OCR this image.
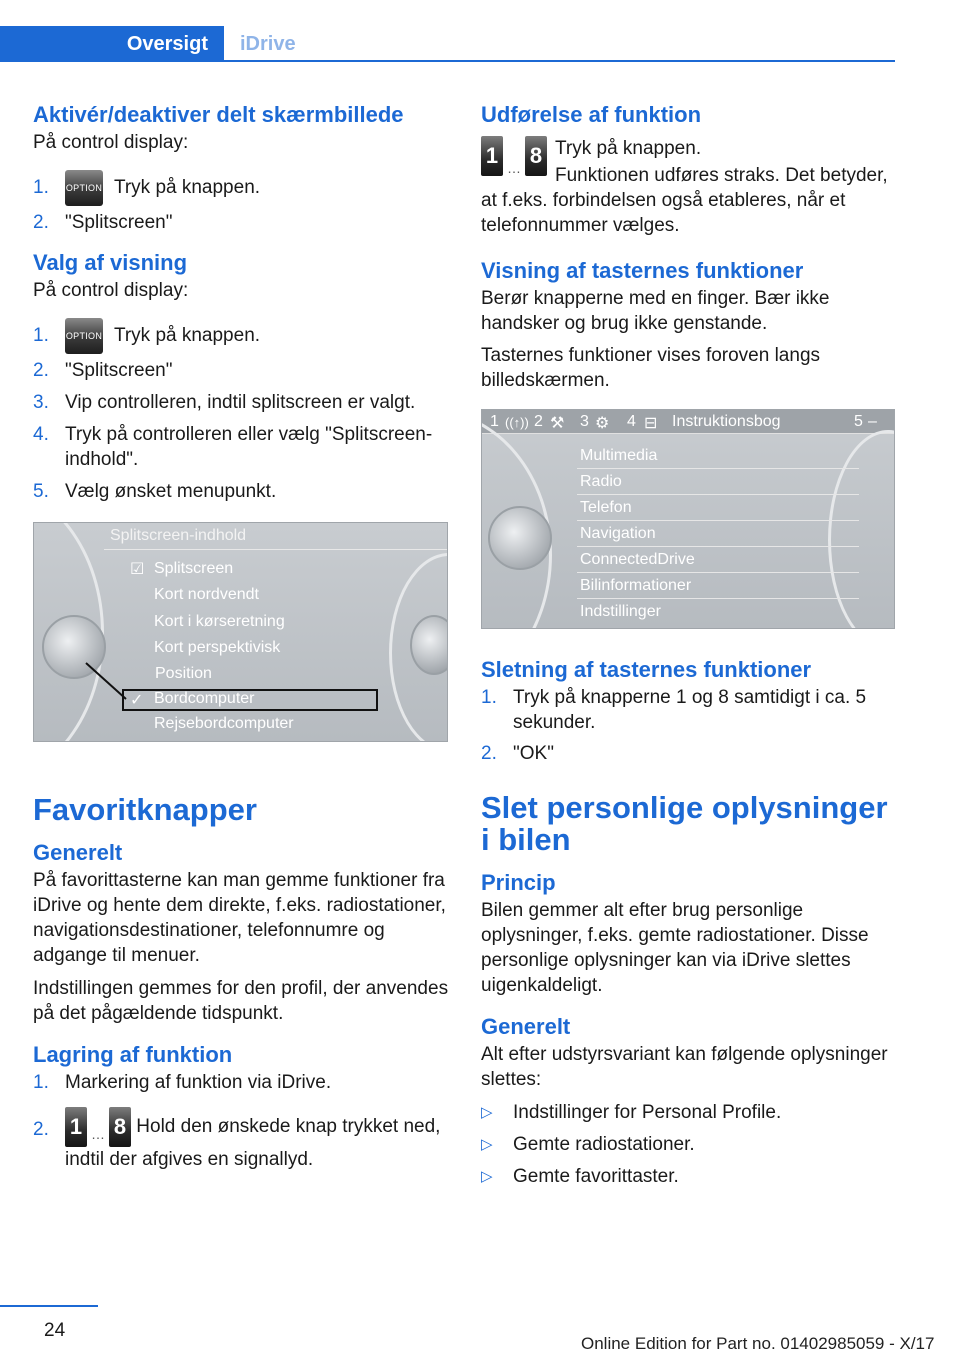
Oversigt	iDrive
Aktivér/deaktiver delt skærmbillede

På control display:

1. OPTION Tryk på knappen.
2. "Splitscreen"
Valg af visning

På control display:

1. OPTION Tryk på knappen.
2. "Splitscreen"
3. Vip controlleren, indtil splitscreen er valgt.
4. Tryk på controlleren eller vælg "Splitscreen-indhold".
5. Vælg ønsket menupunkt.
Splitscreen-indhold
☑ Splitscreen
Kort nordvendt
Kort i kørseretning
Kort perspektivisk
Position
✓ Bordcomputer
Rejsebordcomputer
Favoritknapper
Generelt

På favorittasterne kan man gemme funktioner fra iDrive og hente dem direkte, f.eks. radiostationer, navigationsdestinationer, telefonnumre og adgange til menuer.

Indstillingen gemmes for den profil, der anvendes på det pågældende tidspunkt.

Lagring af funktion
1. Markering af funktion via iDrive.
2. 1 … 8 Hold den ønskede knap trykket ned, indtil der afgives en signallyd.
Udførelse af funktion
1 … 8 Tryk på knappen.

Funktionen udføres straks. Det betyder, at f.eks. forbindelsen også etableres, når et telefonnummer vælges.

Visning af tasternes funktioner

Berør knapperne med en finger. Bær ikke handsker og brug ikke genstande.

Tasternes funktioner vises foroven langs billedskærmen.

1 ((↑)) 2 ⚒ 3 ⚙ 4 ⊟ Instruktionsbog	5 –
Multimedia
Radio
Telefon
Navigation
ConnectedDrive
Bilinformationer
Indstillinger
Sletning af tasternes funktioner
1. Tryk på knapperne 1 og 8 samtidigt i ca. 5 sekunder.
2. "OK"
Slet personlige oplysninger i bilen
Princip

Bilen gemmer alt efter brug personlige oplysninger, f.eks. gemte radiostationer. Disse personlige oplysninger kan via iDrive slettes uigenkaldeligt.

Generelt

Alt efter udstyrsvariant kan følgende oplysninger slettes:

▷ Indstillinger for Personal Profile.
▷ Gemte radiostationer.
▷ Gemte favorittaster.
24
Online Edition for Part no. 01402985059 - X/17
